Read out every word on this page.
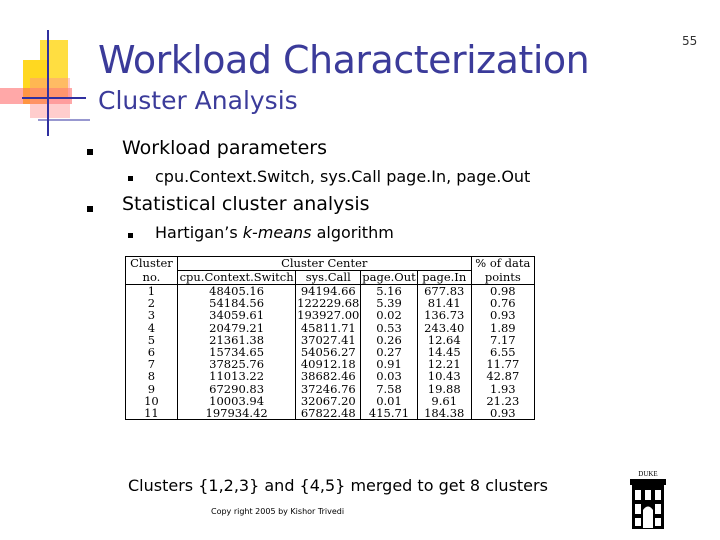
55
Workload Characterization
Cluster Analysis
Workload parameters
cpu.Context.Switch, sys.Call page.In, page.Out
Statistical cluster analysis
Hartigan’s k-means algorithm
Cluster	Cluster Center				% of data
no.	cpu.Context.Switch	sys.Call	page.Out	page.In	points
1	48405.16	94194.66	5.16	677.83	0.98
2	54184.56	122229.68	5.39	81.41	0.76
3	34059.61	193927.00	0.02	136.73	0.93
4	20479.21	45811.71	0.53	243.40	1.89
5	21361.38	37027.41	0.26	12.64	7.17
6	15734.65	54056.27	0.27	14.45	6.55
7	37825.76	40912.18	0.91	12.21	11.77
8	11013.22	38682.46	0.03	10.43	42.87
9	67290.83	37246.76	7.58	19.88	1.93
10	10003.94	32067.20	0.01	9.61	21.23
11	197934.42	67822.48	415.71	184.38	0.93
Clusters {1,2,3} and {4,5} merged to get 8 clusters
Copy right 2005 by Kishor Trivedi
DUKE
